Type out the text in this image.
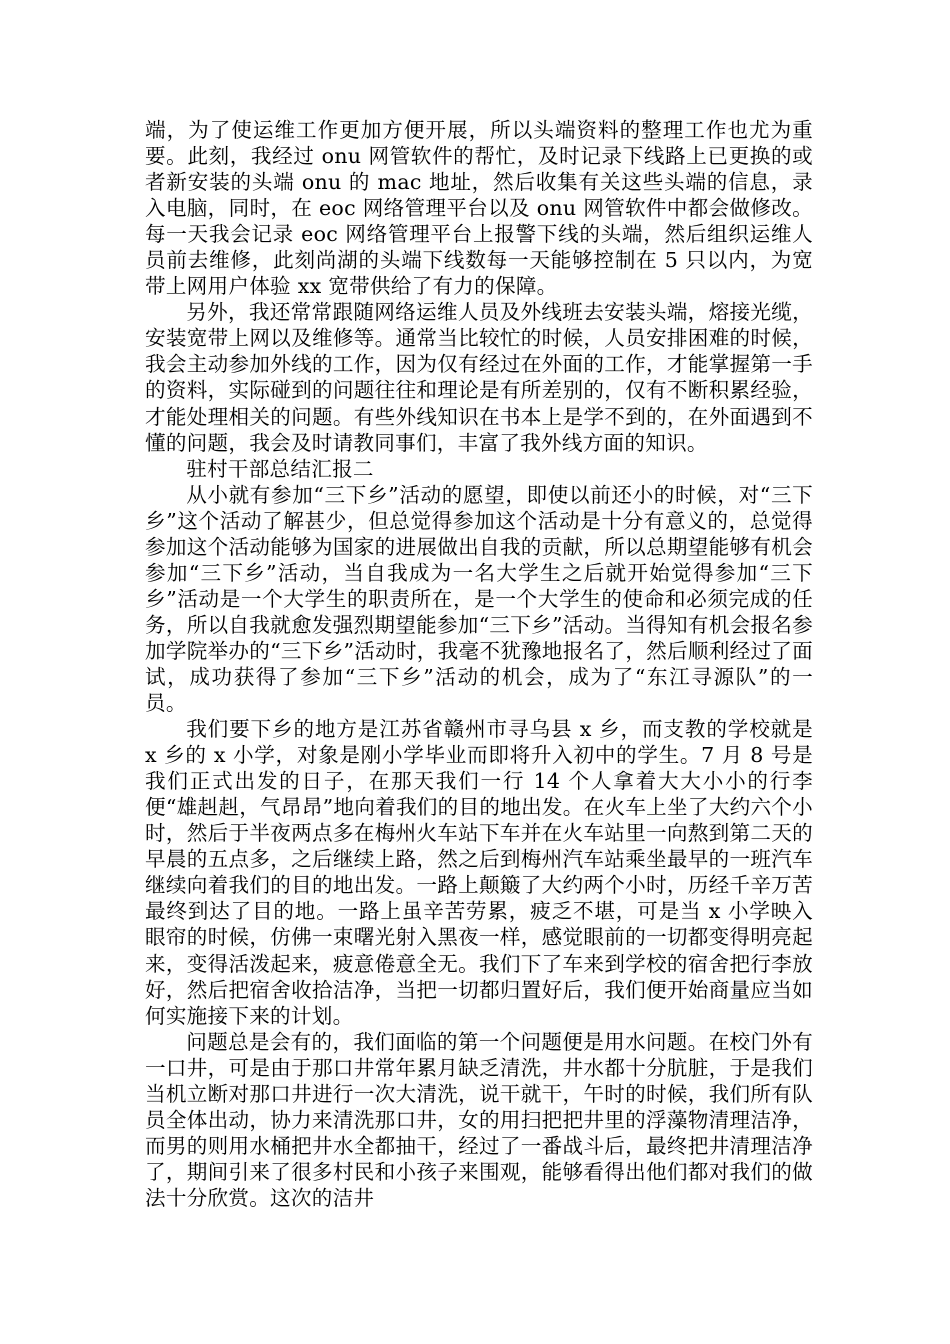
端，为了使运维工作更加方便开展，所以头端资料的整理工作也尤为重要。此刻，我经过 onu 网管软件的帮忙，及时记录下线路上已更换的或者新安装的头端 onu 的 mac 地址，然后收集有关这些头端的信息，录入电脑，同时，在 eoc 网络管理平台以及 onu 网管软件中都会做修改。每一天我会记录 eoc 网络管理平台上报警下线的头端，然后组织运维人员前去维修，此刻尚湖的头端下线数每一天能够控制在 5 只以内，为宽带上网用户体验 xx 宽带供给了有力的保障。

另外，我还常常跟随网络运维人员及外线班去安装头端，熔接光缆，安装宽带上网以及维修等。通常当比较忙的时候，人员安排困难的时候，我会主动参加外线的工作，因为仅有经过在外面的工作，才能掌握第一手的资料，实际碰到的问题往往和理论是有所差别的，仅有不断积累经验，才能处理相关的问题。有些外线知识在书本上是学不到的，在外面遇到不懂的问题，我会及时请教同事们，丰富了我外线方面的知识。

驻村干部总结汇报二

从小就有参加“三下乡”活动的愿望，即使以前还小的时候，对“三下乡”这个活动了解甚少，但总觉得参加这个活动是十分有意义的，总觉得参加这个活动能够为国家的进展做出自我的贡献，所以总期望能够有机会参加“三下乡”活动，当自我成为一名大学生之后就开始觉得参加“三下乡”活动是一个大学生的职责所在，是一个大学生的使命和必须完成的任务，所以自我就愈发强烈期望能参加“三下乡”活动。当得知有机会报名参加学院举办的“三下乡”活动时，我毫不犹豫地报名了，然后顺利经过了面试，成功获得了参加“三下乡”活动的机会，成为了“东江寻源队”的一员。

我们要下乡的地方是江苏省赣州市寻乌县 x 乡，而支教的学校就是 x 乡的 x 小学，对象是刚小学毕业而即将升入初中的学生。7 月 8 号是我们正式出发的日子，在那天我们一行 14 个人拿着大大小小的行李便“雄赳赳，气昂昂”地向着我们的目的地出发。在火车上坐了大约六个小时，然后于半夜两点多在梅州火车站下车并在火车站里一向熬到第二天的早晨的五点多，之后继续上路，然之后到梅州汽车站乘坐最早的一班汽车继续向着我们的目的地出发。一路上颠簸了大约两个小时，历经千辛万苦最终到达了目的地。一路上虽辛苦劳累，疲乏不堪，可是当 x 小学映入眼帘的时候，仿佛一束曙光射入黑夜一样，感觉眼前的一切都变得明亮起来，变得活泼起来，疲意倦意全无。我们下了车来到学校的宿舍把行李放好，然后把宿舍收拾洁净，当把一切都归置好后，我们便开始商量应当如何实施接下来的计划。

问题总是会有的，我们面临的第一个问题便是用水问题。在校门外有一口井，可是由于那口井常年累月缺乏清洗，井水都十分肮脏，于是我们当机立断对那口井进行一次大清洗，说干就干，午时的时候，我们所有队员全体出动，协力来清洗那口井，女的用扫把把井里的浮藻物清理洁净，而男的则用水桶把井水全都抽干，经过了一番战斗后，最终把井清理洁净了，期间引来了很多村民和小孩子来围观，能够看得出他们都对我们的做法十分欣赏。这次的洁井
